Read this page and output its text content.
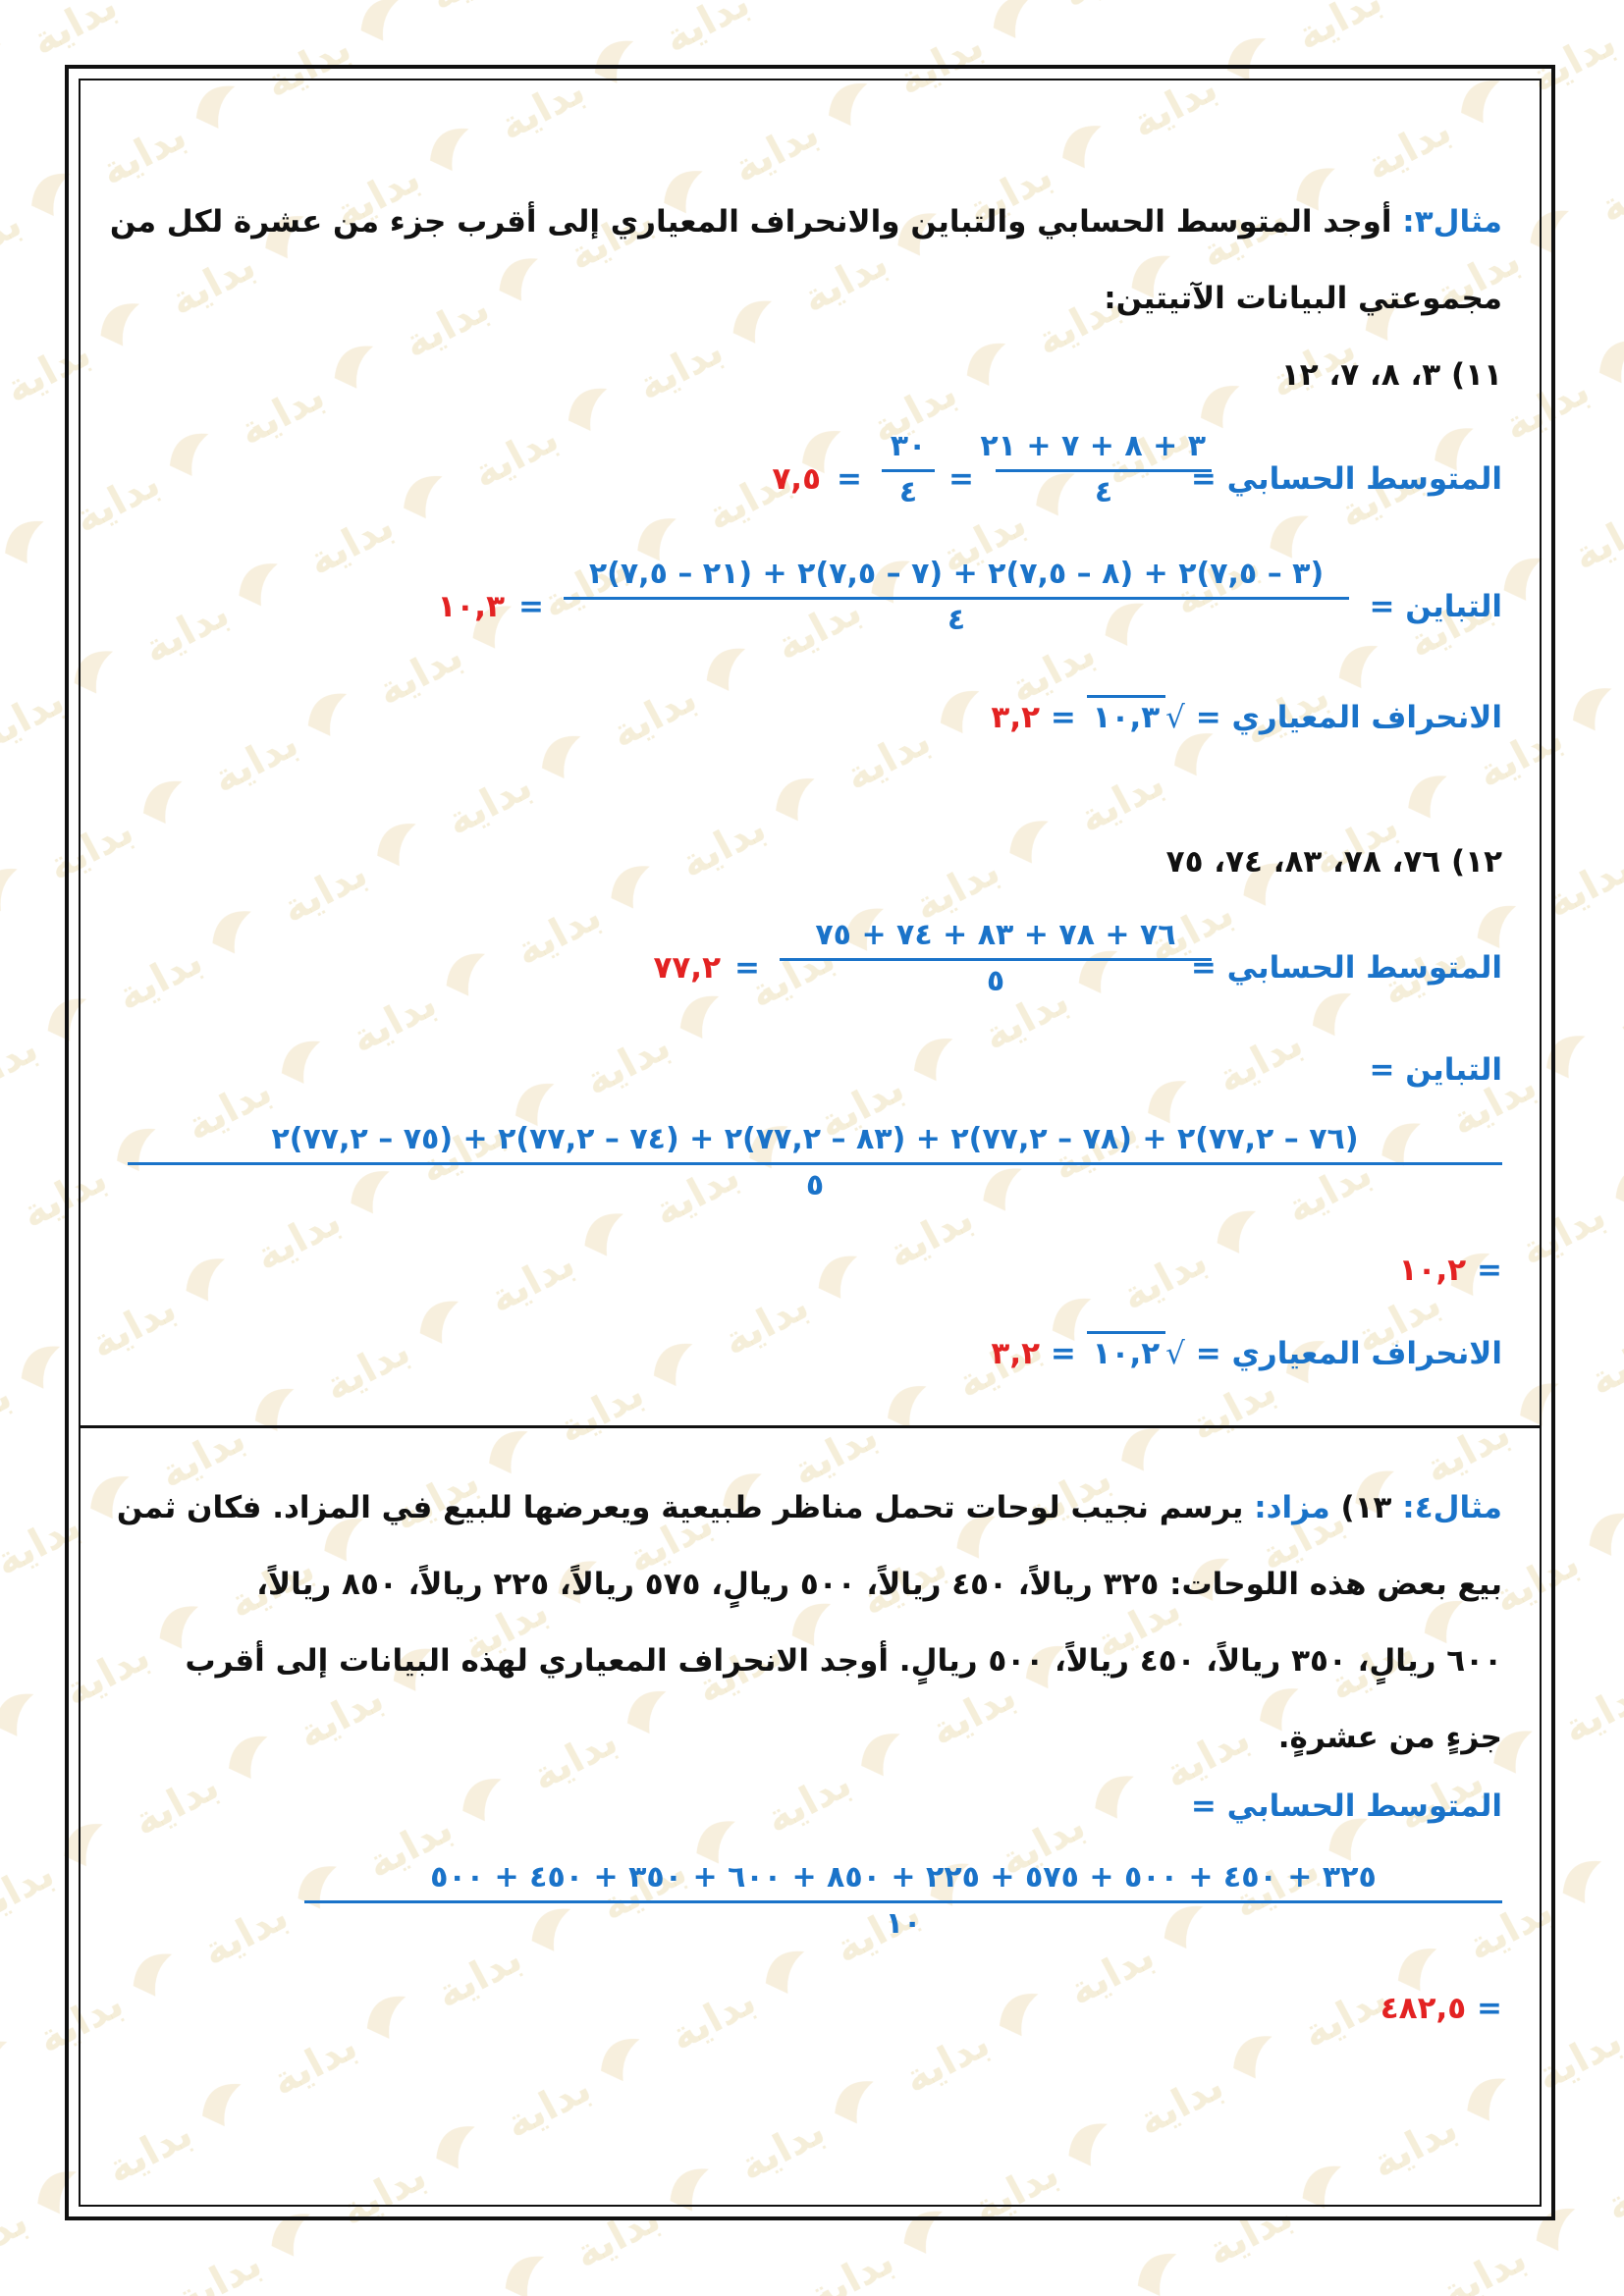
مثال٣: أوجد المتوسط الحسابي والتباين والانحراف المعياري إلى أقرب جزء من عشرة لكل من
مجموعتي البيانات الآتيتين:
١١) ٣، ٨، ٧، ١٢
المتوسط الحسابي =
٣ + ٨ + ٧ + ٢١
٤
=
٣٠
٤
=
٧,٥
التباين =
(٣ – ٧,٥)٢ + (٨ – ٧,٥)٢ + (٧ – ٧,٥)٢ + (٢١ – ٧,٥)٢
٤
=
١٠,٣
الانحراف المعياري = √١٠,٣ = ٣,٢
١٢) ٧٦، ٧٨، ٨٣، ٧٤، ٧٥
المتوسط الحسابي =
٧٦ + ٧٨ + ٨٣ + ٧٤ + ٧٥
٥
=
٧٧,٢
التباين =
(٧٦ – ٧٧,٢)٢ + (٧٨ – ٧٧,٢)٢ + (٨٣ – ٧٧,٢)٢ + (٧٤ – ٧٧,٢)٢ + (٧٥ – ٧٧,٢)٢
٥
= ١٠,٢
الانحراف المعياري = √١٠,٢ = ٣,٢
مثال٤: ١٣) مزاد: يرسم نجيب لوحات تحمل مناظر طبيعية ويعرضها للبيع في المزاد. فكان ثمن
بيع بعض هذه اللوحات: ٣٢٥ ريالاً، ٤٥٠ ريالاً، ٥٠٠ ريالٍ، ٥٧٥ ريالاً، ٢٢٥ ريالاً، ٨٥٠ ريالاً،
٦٠٠ ريالٍ، ٣٥٠ ريالاً، ٤٥٠ ريالاً، ٥٠٠ ريالٍ. أوجد الانحراف المعياري لهذه البيانات إلى أقرب
جزءٍ من عشرةٍ.
المتوسط الحسابي =
٣٢٥ + ٤٥٠ + ٥٠٠ + ٥٧٥ + ٢٢٥ + ٨٥٠ + ٦٠٠ + ٣٥٠ + ٤٥٠ + ٥٠٠
١٠
= ٤٨٢,٥
